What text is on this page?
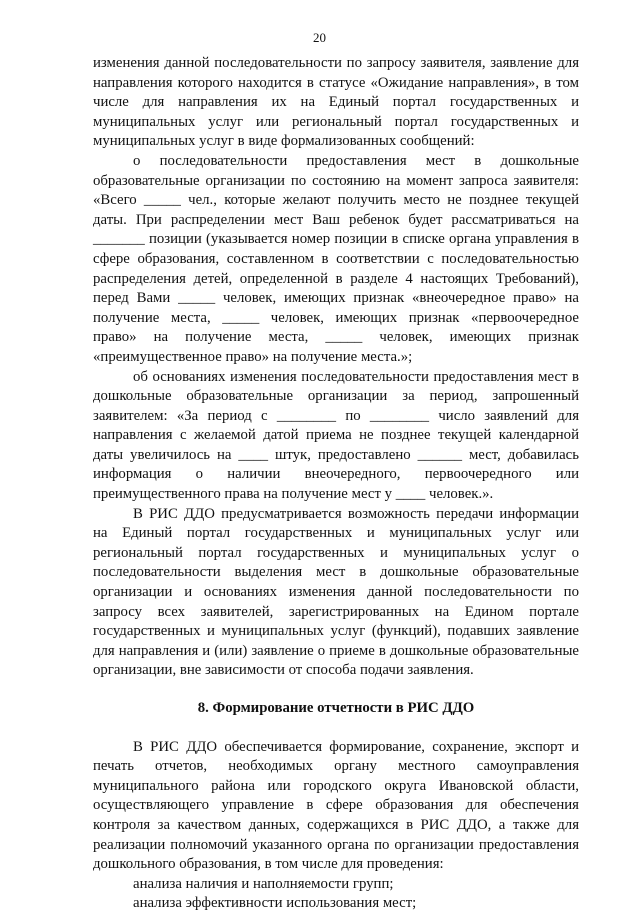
20

изменения данной последовательности по запросу заявителя, заявление для направления которого находится в статусе «Ожидание направления», в том числе для направления их на Единый портал государственных и муниципальных услуг или региональный портал государственных и муниципальных услуг в виде формализованных сообщений:

о последовательности предоставления мест в дошкольные образовательные организации по состоянию на момент запроса заявителя: «Всего _____ чел., которые желают получить место не позднее текущей даты. При распределении мест Ваш ребенок будет рассматриваться на _______ позиции (указывается номер позиции в списке органа управления в сфере образования, составленном в соответствии с последовательностью распределения детей, определенной в разделе 4 настоящих Требований), перед Вами _____ человек, имеющих признак «внеочередное право» на получение места, _____ человек, имеющих признак «первоочередное право» на получение места, _____ человек, имеющих признак «преимущественное право» на получение места.»;

об основаниях изменения последовательности предоставления мест в дошкольные образовательные организации за период, запрошенный заявителем: «За период с ________ по ________ число заявлений для направления с желаемой датой приема не позднее текущей календарной даты увеличилось на ____ штук, предоставлено ______ мест, добавилась информация о наличии внеочередного, первоочередного или преимущественного права на получение мест у ____ человек.».

В РИС ДДО предусматривается возможность передачи информации на Единый портал государственных и муниципальных услуг или региональный портал государственных и муниципальных услуг о последовательности выделения мест в дошкольные образовательные организации и основаниях изменения данной последовательности по запросу всех заявителей, зарегистрированных на Едином портале государственных и муниципальных услуг (функций), подавших заявление для направления и (или) заявление о приеме в дошкольные образовательные организации, вне зависимости от способа подачи заявления.

8. Формирование отчетности в РИС ДДО

В РИС ДДО обеспечивается формирование, сохранение, экспорт и печать отчетов, необходимых органу местного самоуправления муниципального района или городского округа Ивановской области, осуществляющего управление в сфере образования для обеспечения контроля за качеством данных, содержащихся в РИС ДДО, а также для реализации полномочий указанного органа по организации предоставления дошкольного образования, в том числе для проведения:

анализа наличия и наполняемости групп;

анализа эффективности использования мест;
